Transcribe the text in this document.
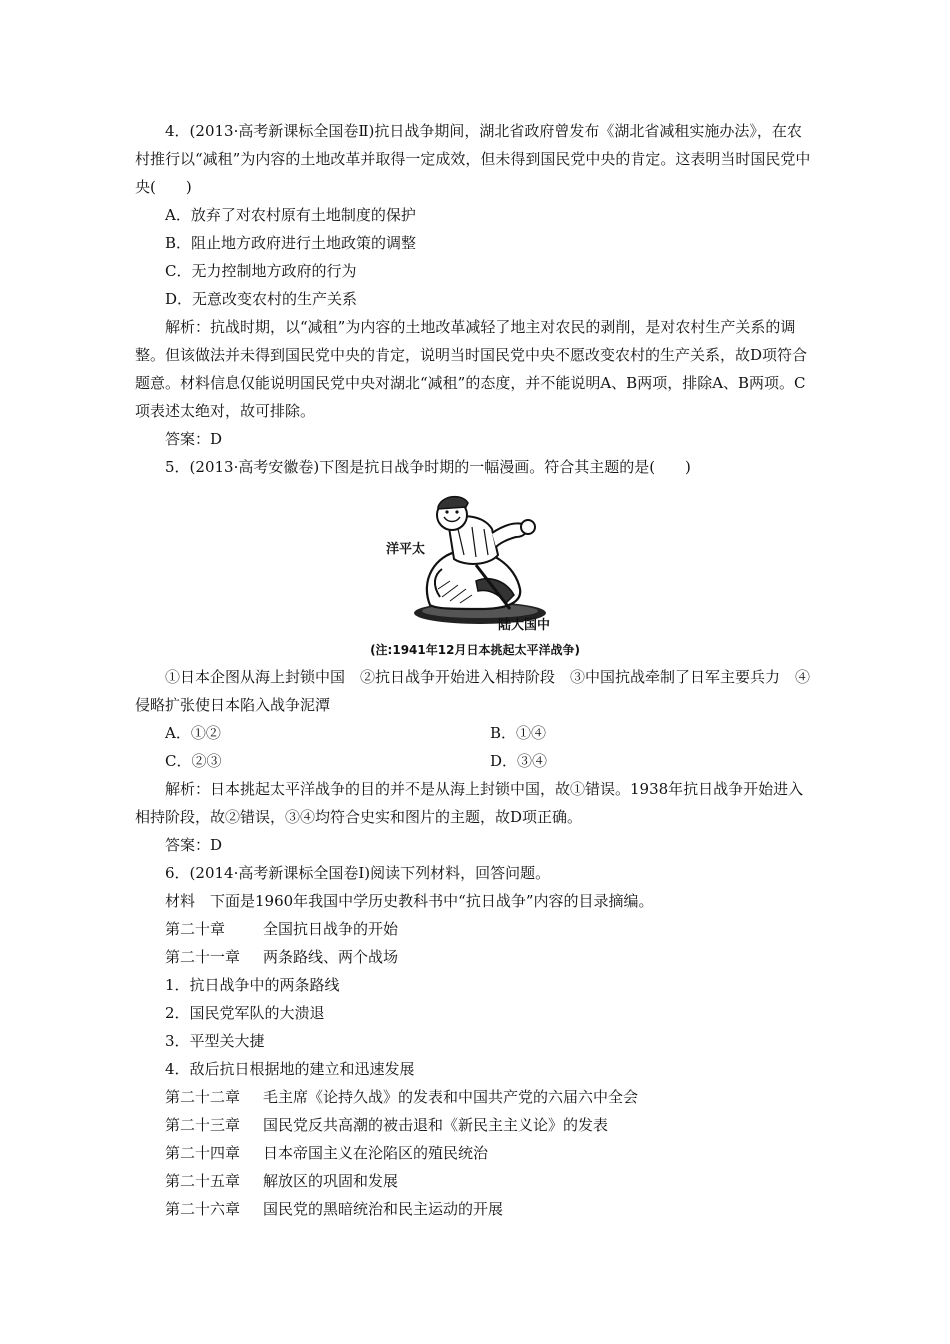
4．(2013·高考新课标全国卷Ⅱ)抗日战争期间，湖北省政府曾发布《湖北省减租实施办法》，在农村推行以“减租”为内容的土地改革并取得一定成效，但未得到国民党中央的肯定。这表明当时国民党中央(　　)

A．放弃了对农村原有土地制度的保护

B．阻止地方政府进行土地政策的调整

C．无力控制地方政府的行为

D．无意改变农村的生产关系

解析：抗战时期，以“减租”为内容的土地改革减轻了地主对农民的剥削，是对农村生产关系的调整。但该做法并未得到国民党中央的肯定，说明当时国民党中央不愿改变农村的生产关系，故D项符合题意。材料信息仅能说明国民党中央对湖北“减租”的态度，并不能说明A、B两项，排除A、B两项。C项表述太绝对，故可排除。

答案：D

5．(2013·高考安徽卷)下图是抗日战争时期的一幅漫画。符合其主题的是(　　)

洋平太
陆大国中
(注:1941年12月日本挑起太平洋战争)

①日本企图从海上封锁中国　②抗日战争开始进入相持阶段　③中国抗战牵制了日军主要兵力　④侵略扩张使日本陷入战争泥潭

A．①②	B．①④
C．②③	D．③④

解析：日本挑起太平洋战争的目的并不是从海上封锁中国，故①错误。1938年抗日战争开始进入相持阶段，故②错误，③④均符合史实和图片的主题，故D项正确。

答案：D

6．(2014·高考新课标全国卷Ⅰ)阅读下列材料，回答问题。

材料　下面是1960年我国中学历史教科书中“抗日战争”内容的目录摘编。

第二十章	全国抗日战争的开始

第二十一章 两条路线、两个战场

1．抗日战争中的两条路线

2．国民党军队的大溃退

3．平型关大捷

4．敌后抗日根据地的建立和迅速发展

第二十二章 毛主席《论持久战》的发表和中国共产党的六届六中全会

第二十三章 国民党反共高潮的被击退和《新民主主义论》的发表

第二十四章 日本帝国主义在沦陷区的殖民统治

第二十五章 解放区的巩固和发展

第二十六章 国民党的黑暗统治和民主运动的开展
